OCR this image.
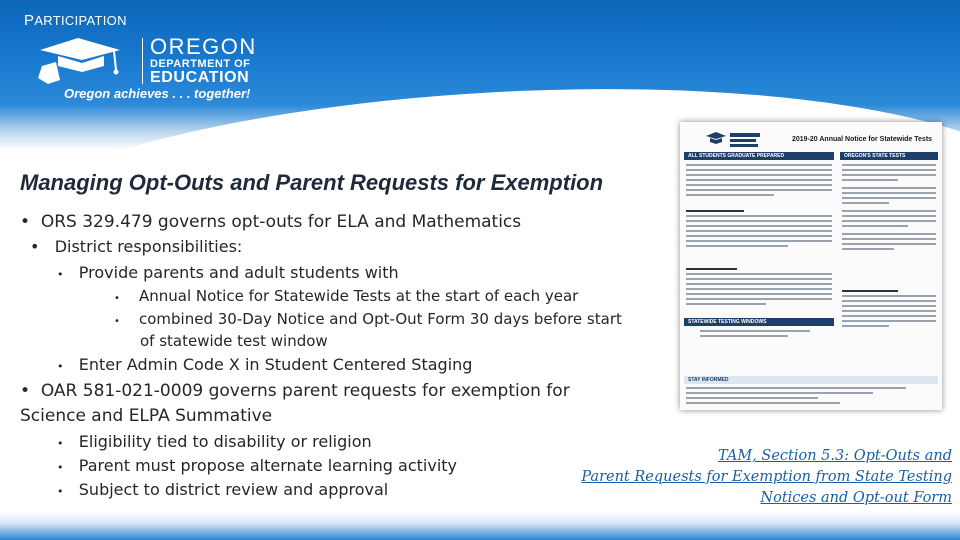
PARTICIPATION
OREGON
DEPARTMENT OF
EDUCATION
Oregon achieves . . . together!
Managing Opt-Outs and Parent Requests for Exemption
• ORS 329.479 governs opt-outs for ELA and Mathematics
• District responsibilities:
• Provide parents and adult students with
• Annual Notice for Statewide Tests at the start of each year
• combined 30-Day Notice and Opt-Out Form 30 days before start
of statewide test window
• Enter Admin Code X in Student Centered Staging
• OAR 581-021-0009 governs parent requests for exemption for
Science and ELPA Summative
• Eligibility tied to disability or religion
• Parent must propose alternate learning activity
• Subject to district review and approval
2019-20 Annual Notice for Statewide Tests
ALL STUDENTS GRADUATE PREPARED	OREGON'S STATE TESTS
STATEWIDE TESTING WINDOWS
STAY INFORMED
TAM, Section 5.3: Opt-Outs and
Parent Requests for Exemption from State Testing
Notices and Opt-out Form
